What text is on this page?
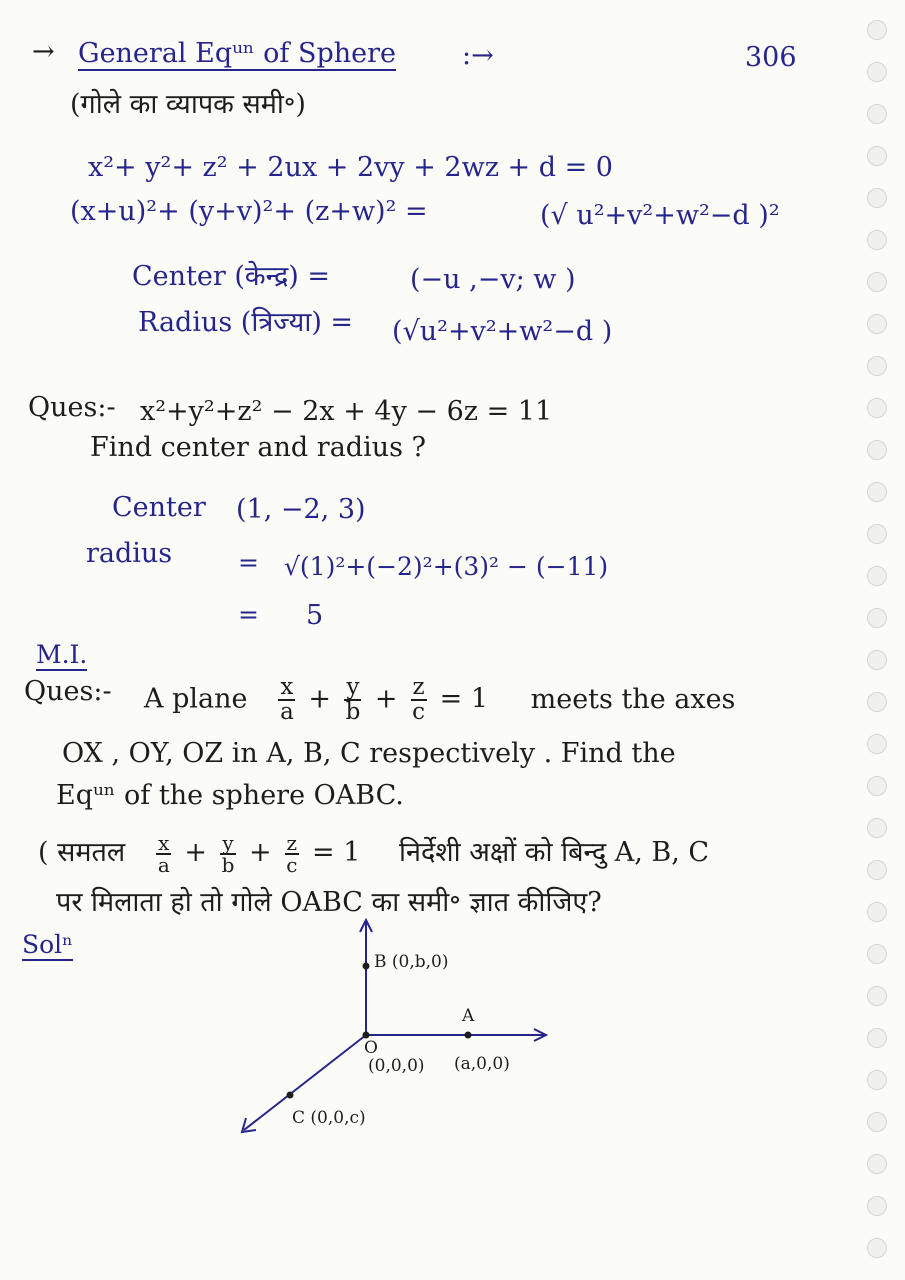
→ General Eqᵘⁿ of Sphere :→	306
(गोले का व्यापक समी॰)
x²+ y²+ z² + 2ux + 2vy + 2wz + d = 0
(x+u)²+ (y+v)²+ (z+w)² =	(√ u²+v²+w²−d )²
Center (केन्द्र) =	(−u ,−v; w )
Radius (त्रिज्या) = (√u²+v²+w²−d )
Ques:- x²+y²+z² − 2x + 4y − 6z = 11
Find center and radius ?
Center (1, −2, 3)
radius	= √(1)²+(−2)²+(3)² − (−11)
= 5
M.I.
Ques:- A plane $\frac{x}{a} + \frac{y}{b} + \frac{z}{c} = 1$ meets the axes
OX , OY, OZ in A, B, C respectively . Find the
Eqᵘⁿ of the sphere OABC.
( समतल $\frac{x}{a} + \frac{y}{b} + \frac{z}{c} = 1$ निर्देशी अक्षों को बिन्दु A, B, C
पर मिलाता हो तो गोले OABC का समी॰ ज्ञात कीजिए?
Solⁿ
B (0,b,0)
A
(a,0,0)
O
(0,0,0)
C (0,0,c)
